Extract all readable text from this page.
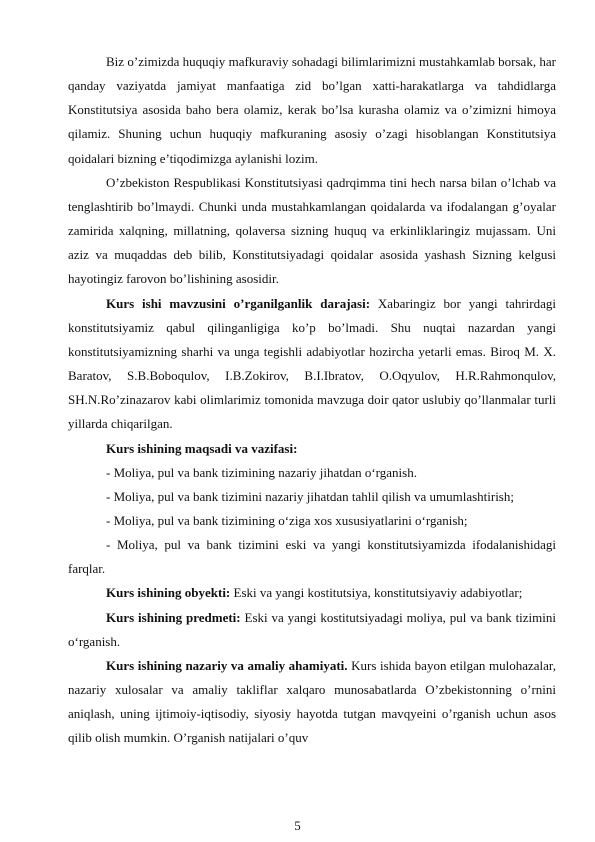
Biz o’zimizda huquqiy mafkuraviy sohadagi bilimlarimizni mustahkamlab borsak, har qanday vaziyatda jamiyat manfaatiga zid bo’lgan xatti-harakatlarga va tahdidlarga Konstitutsiya asosida baho bera olamiz, kerak bo’lsa kurasha olamiz va o’zimizni himoya qilamiz. Shuning uchun huquqiy mafkuraning asosiy o’zagi hisoblangan Konstitutsiya qoidalari bizning e’tiqodimizga aylanishi lozim.

O’zbekiston Respublikasi Konstitutsiyasi qadrqimma tini hech narsa bilan o’lchab va tenglashtirib bo’lmaydi. Chunki unda mustahkamlangan qoidalarda va ifodalangan g’oyalar zamirida xalqning, millatning, qolaversa sizning huquq va erkinliklaringiz mujassam. Uni aziz va muqaddas deb bilib, Konstitutsiyadagi qoidalar asosida yashash Sizning kelgusi hayotingiz farovon bo’lishining asosidir.

Kurs ishi mavzusini o’rganilganlik darajasi: Xabaringiz bor yangi tahrirdagi konstitutsiyamiz qabul qilinganligiga ko’p bo’lmadi. Shu nuqtai nazardan yangi konstitutsiyamizning sharhi va unga tegishli adabiyotlar hozircha yetarli emas. Biroq M. X. Baratov, S.B.Boboqulov, I.B.Zokirov, B.I.Ibratov, O.Oqyulov, H.R.Rahmonqulov, SH.N.Ro’zinazarov kabi olimlarimiz tomonida mavzuga doir qator uslubiy qo’llanmalar turli yillarda chiqarilgan.

Kurs ishining maqsadi va vazifasi:

- Moliya, pul va bank tizimining nazariy jihatdan o‘rganish.

- Moliya, pul va bank tizimini nazariy jihatdan tahlil qilish va umumlashtirish;

- Moliya, pul va bank tizimining o‘ziga xos xususiyatlarini o‘rganish;

- Moliya, pul va bank tizimini eski va yangi konstitutsiyamizda ifodalanishidagi farqlar.

Kurs ishining obyekti: Eski va yangi kostitutsiya, konstitutsiyaviy adabiyotlar;

Kurs ishining predmeti: Eski va yangi kostitutsiyadagi moliya, pul va bank tizimini o‘rganish.

Kurs ishining nazariy va amaliy ahamiyati. Kurs ishida bayon etilgan mulohazalar, nazariy xulosalar va amaliy takliflar xalqaro munosabatlarda O’zbekistonning o’rnini aniqlash, uning ijtimoiy-iqtisodiy, siyosiy hayotda tutgan mavqyeini o’rganish uchun asos qilib olish mumkin. O’rganish natijalari o’quv

5
